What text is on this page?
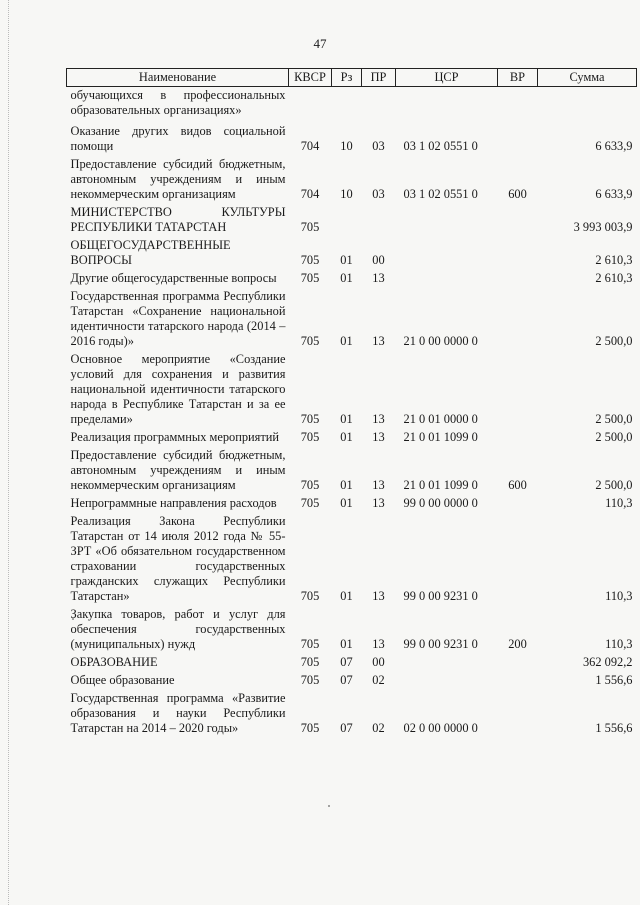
47
Наименование	КВСР	Рз	ПР	ЦСР	ВР	Сумма
обучающихся в профессиональных образовательных организациях»						
Оказание других видов социальной помощи	704	10	03	03 1 02 0551 0		6 633,9
Предоставление субсидий бюджетным, автономным учреждениям и иным некоммерческим организациям	704	10	03	03 1 02 0551 0	600	6 633,9
МИНИСТЕРСТВО КУЛЬТУРЫ РЕСПУБЛИКИ ТАТАРСТАН	705					3 993 003,9
ОБЩЕГОСУДАРСТВЕННЫЕ ВОПРОСЫ	705	01	00			2 610,3
Другие общегосударственные вопросы	705	01	13			2 610,3
Государственная программа Республики Татарстан «Сохранение национальной идентичности татарского народа (2014 – 2016 годы)»	705	01	13	21 0 00 0000 0		2 500,0
Основное мероприятие «Создание условий для сохранения и развития национальной идентичности татарского народа в Республике Татарстан и за ее пределами»	705	01	13	21 0 01 0000 0		2 500,0
Реализация программных мероприятий	705	01	13	21 0 01 1099 0		2 500,0
Предоставление субсидий бюджетным, автономным учреждениям и иным некоммерческим организациям	705	01	13	21 0 01 1099 0	600	2 500,0
Непрограммные направления расходов	705	01	13	99 0 00 0000 0		110,3
Реализация Закона Республики Татарстан от 14 июля 2012 года № 55-ЗРТ «Об обязательном государственном страховании государственных гражданских служащих Республики Татарстан»	705	01	13	99 0 00 9231 0		110,3
Закупка товаров, работ и услуг для обеспечения государственных (муниципальных) нужд	705	01	13	99 0 00 9231 0	200	110,3
ОБРАЗОВАНИЕ	705	07	00			362 092,2
Общее образование	705	07	02			1 556,6
Государственная программа «Развитие образования и науки Республики Татарстан на 2014 – 2020 годы»	705	07	02	02 0 00 0000 0		1 556,6
